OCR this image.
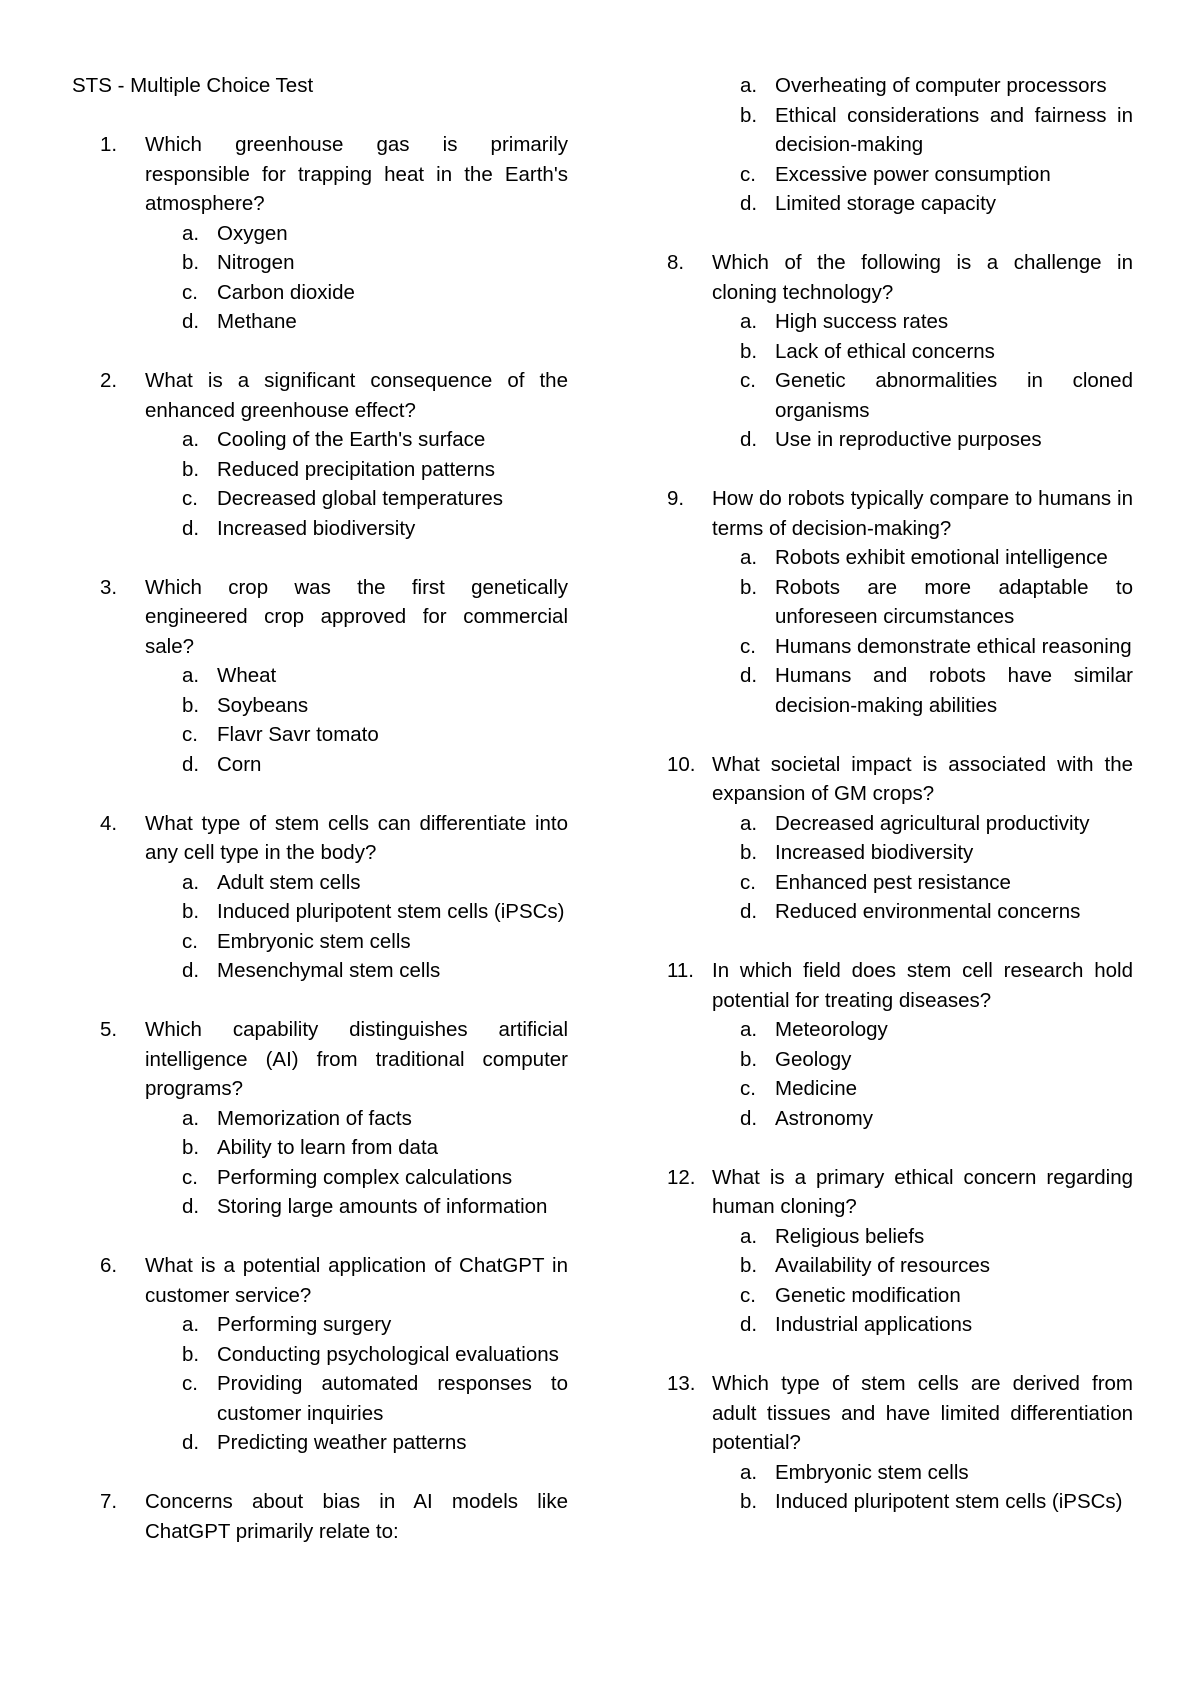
STS - Multiple Choice Test
1.	Which greenhouse gas is primarily responsible for trapping heat in the Earth's atmosphere?
a. Oxygen
b. Nitrogen
c. Carbon dioxide
d. Methane
2.	What is a significant consequence of the enhanced greenhouse effect?
a. Cooling of the Earth's surface
b. Reduced precipitation patterns
c. Decreased global temperatures
d. Increased biodiversity
3.	Which crop was the first genetically engineered crop approved for commercial sale?
a. Wheat
b. Soybeans
c. Flavr Savr tomato
d. Corn
4.	What type of stem cells can differentiate into any cell type in the body?
a. Adult stem cells
b. Induced pluripotent stem cells (iPSCs)
c. Embryonic stem cells
d. Mesenchymal stem cells
5.	Which capability distinguishes artificial intelligence (AI) from traditional computer programs?
a. Memorization of facts
b. Ability to learn from data
c. Performing complex calculations
d. Storing large amounts of information
6.	What is a potential application of ChatGPT in customer service?
a. Performing surgery
b. Conducting psychological evaluations
c. Providing automated responses to customer inquiries
d. Predicting weather patterns
7.	Concerns about bias in AI models like ChatGPT primarily relate to:
a. Overheating of computer processors
b. Ethical considerations and fairness in decision-making
c. Excessive power consumption
d. Limited storage capacity
8.	Which of the following is a challenge in cloning technology?
a. High success rates
b. Lack of ethical concerns
c. Genetic abnormalities in cloned organisms
d. Use in reproductive purposes
9.	How do robots typically compare to humans in terms of decision-making?
a. Robots exhibit emotional intelligence
b. Robots are more adaptable to unforeseen circumstances
c. Humans demonstrate ethical reasoning
d. Humans and robots have similar decision-making abilities
10. What societal impact is associated with the expansion of GM crops?
a. Decreased agricultural productivity
b. Increased biodiversity
c. Enhanced pest resistance
d. Reduced environmental concerns
11. In which field does stem cell research hold potential for treating diseases?
a. Meteorology
b. Geology
c. Medicine
d. Astronomy
12. What is a primary ethical concern regarding human cloning?
a. Religious beliefs
b. Availability of resources
c. Genetic modification
d. Industrial applications
13. Which type of stem cells are derived from adult tissues and have limited differentiation potential?
a. Embryonic stem cells
b. Induced pluripotent stem cells (iPSCs)
